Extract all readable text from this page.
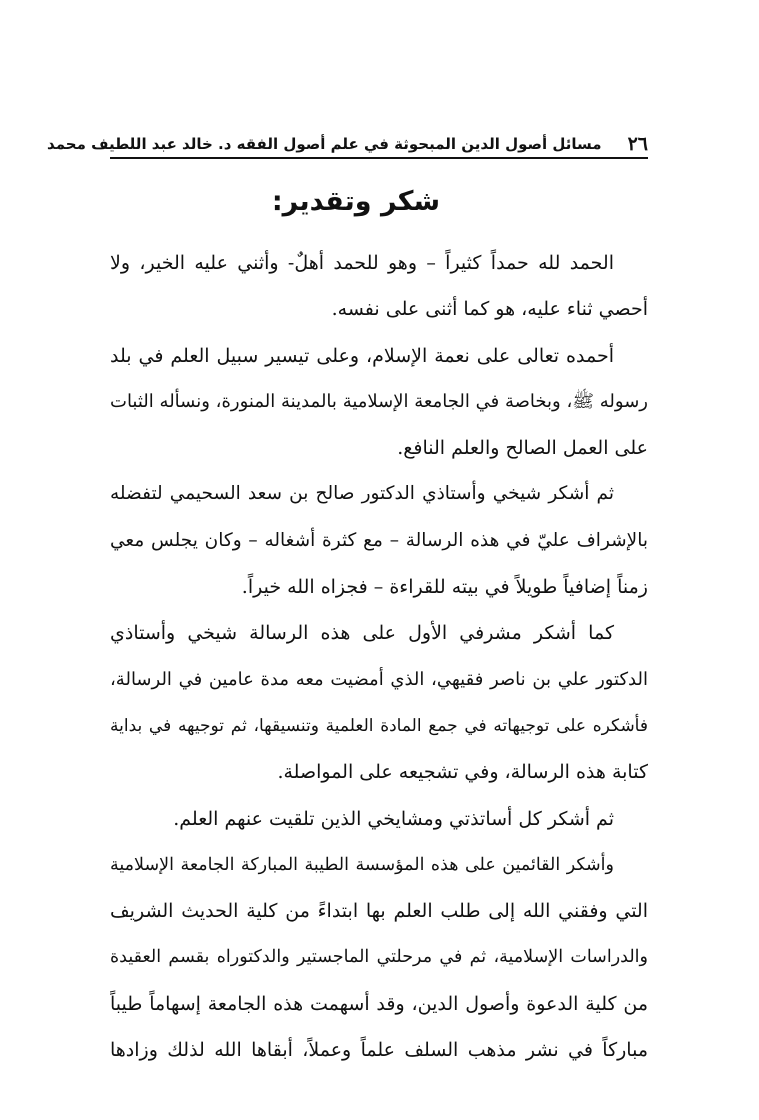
٢٦
مسائل أصول الدين المبحوثة في علم أصول الفقه د. خالد عبد اللطيف محمد
شكر وتقدير:
الحمد لله حمداً كثيراً – وهو للحمد أهلٌ- وأثني عليه الخير، ولا
أحصي ثناء عليه، هو كما أثنى على نفسه.
أحمده تعالى على نعمة الإسلام، وعلى تيسير سبيل العلم في بلد
رسوله ﷺ، وبخاصة في الجامعة الإسلامية بالمدينة المنورة، ونسأله الثبات
على العمل الصالح والعلم النافع.
ثم أشكر شيخي وأستاذي الدكتور صالح بن سعد السحيمي لتفضله
بالإشراف عليّ في هذه الرسالة – مع كثرة أشغاله – وكان يجلس معي
زمناً إضافياً طويلاً في بيته للقراءة – فجزاه الله خيراً.
كما أشكر مشرفي الأول على هذه الرسالة شيخي وأستاذي
الدكتور علي بن ناصر فقيهي، الذي أمضيت معه مدة عامين في الرسالة،
فأشكره على توجيهاته في جمع المادة العلمية وتنسيقها، ثم توجيهه في بداية
كتابة هذه الرسالة، وفي تشجيعه على المواصلة.
ثم أشكر كل أساتذتي ومشايخي الذين تلقيت عنهم العلم.
وأشكر القائمين على هذه المؤسسة الطيبة المباركة الجامعة الإسلامية
التي وفقني الله إلى طلب العلم بها ابتداءً من كلية الحديث الشريف
والدراسات الإسلامية، ثم في مرحلتي الماجستير والدكتوراه بقسم العقيدة
من كلية الدعوة وأصول الدين، وقد أسهمت هذه الجامعة إسهاماً طيباً
مباركاً في نشر مذهب السلف علماً وعملاً، أبقاها الله لذلك وزادها
